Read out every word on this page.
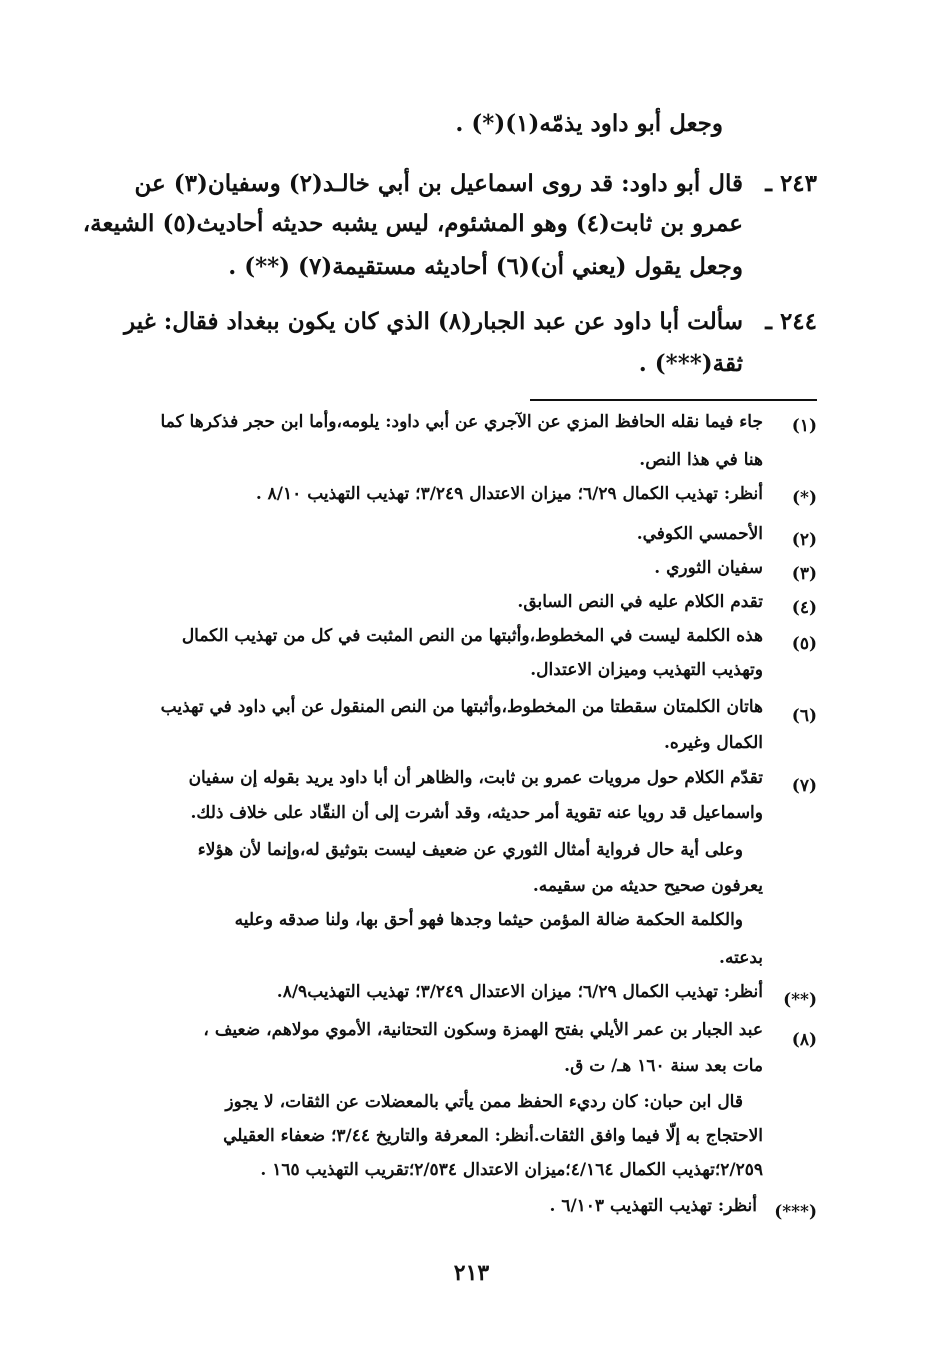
وجعل أبو داود يذمّه(١)(*) .
٢٤٣ ـ
قال أبو داود: قد روى اسماعيل بن أبي خالـد(٢) وسفيان(٣) عن
عمرو بن ثابت(٤) وهو المشئوم، ليس يشبه حديثه أحاديث(٥) الشيعة،
وجعل يقول (يعني أن)(٦) أحاديثه مستقيمة(٧) (**) .
٢٤٤ ـ
سألت أبا داود عن عبد الجبار(٨) الذي كان يكون ببغداد فقال: غير
ثقة(***) .
(١)
جاء فيما نقله الحافظ المزي عن الآجري عن أبي داود: يلومه،وأما ابن حجر فذكرها كما
هنا في هذا النص.
(*)
أنظر: تهذيب الكمال ٦/٢٩؛ ميزان الاعتدال ٣/٢٤٩؛ تهذيب التهذيب ٨/١٠ .
(٢)
الأحمسي الكوفي.
(٣)
سفيان الثوري .
(٤)
تقدم الكلام عليه في النص السابق.
(٥)
هذه الكلمة ليست في المخطوط،وأثبتها من النص المثبت في كل من تهذيب الكمال
وتهذيب التهذيب وميزان الاعتدال.
(٦)
هاتان الكلمتان سقطتا من المخطوط،وأثبتها من النص المنقول عن أبي داود في تهذيب
الكمال وغيره.
(٧)
تقدّم الكلام حول مرويات عمرو بن ثابت، والظاهر أن أبا داود يريد بقوله إن سفيان
واسماعيل قد رويا عنه تقوية أمر حديثه، وقد أشرت إلى أن النقّاد على خلاف ذلك.
وعلى أية حال فرواية أمثال الثوري عن ضعيف ليست بتوثيق له،وإنما لأن هؤلاء
يعرفون صحيح حديثه من سقيمه.
والكلمة الحكمة ضالة المؤمن حيثما وجدها فهو أحق بها، ولنا صدقه وعليه
بدعته.
(**)
أنظر: تهذيب الكمال ٦/٢٩؛ ميزان الاعتدال ٣/٢٤٩؛ تهذيب التهذيب٨/٩.
(٨)
عبد الجبار بن عمر الأيلي بفتح الهمزة وسكون التحتانية، الأموي مولاهم، ضعيف ،
مات بعد سنة ١٦٠ هـ/ ت ق.
قال ابن حبان: كان رديء الحفظ ممن يأتي بالمعضلات عن الثقات، لا يجوز
الاحتجاج به إلّا فيما وافق الثقات.أنظر: المعرفة والتاريخ ٣/٤٤؛ ضعفاء العقيلي
٢/٢٥٩؛تهذيب الكمال ٤/١٦٤؛ميزان الاعتدال ٢/٥٣٤؛تقريب التهذيب ١٦٥ .
(***)
أنظر: تهذيب التهذيب ٦/١٠٣ .
٢١٣
